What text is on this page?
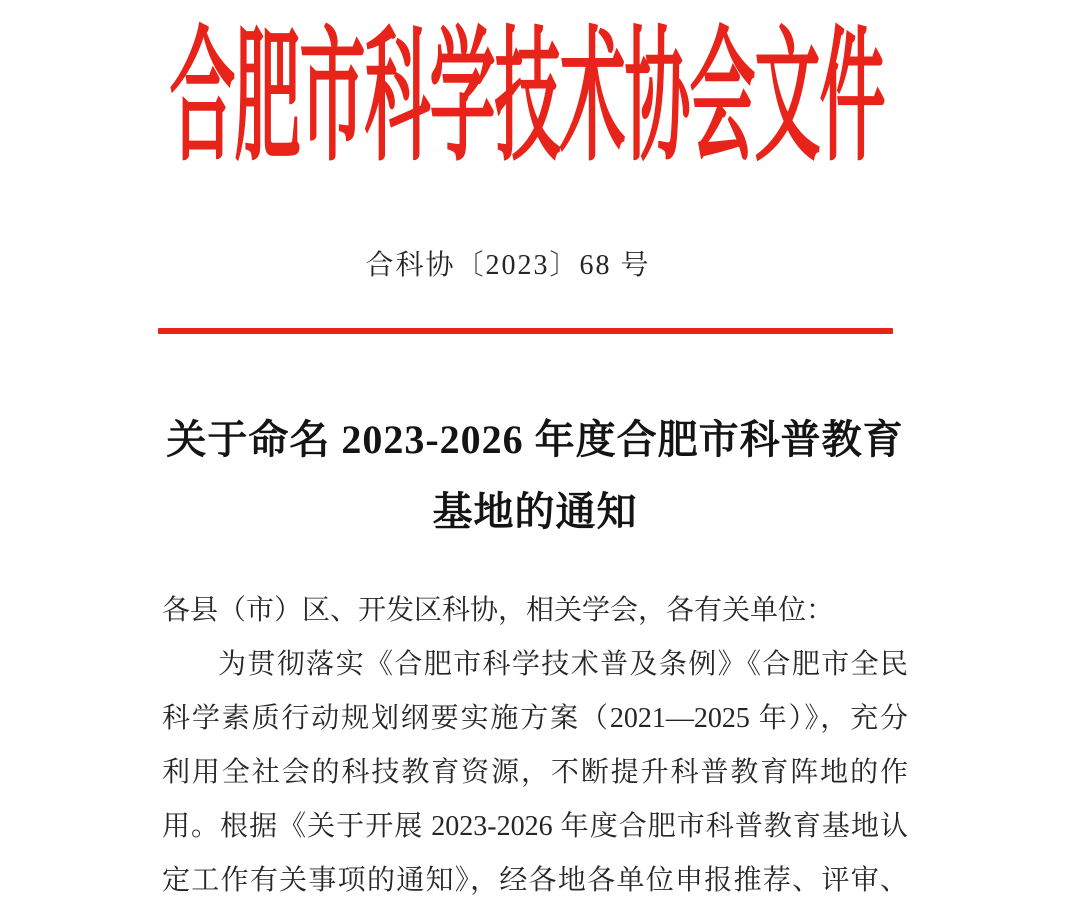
合肥市科学技术协会文件
合科协〔2023〕68 号
关于命名 2023-2026 年度合肥市科普教育
基地的通知
各县（市）区、开发区科协，相关学会，各有关单位：
为贯彻落实《合肥市科学技术普及条例》《合肥市全民
科学素质行动规划纲要实施方案（2021—2025 年）》，充分
利用全社会的科技教育资源，不断提升科普教育阵地的作
用。根据《关于开展 2023-2026 年度合肥市科普教育基地认
定工作有关事项的通知》，经各地各单位申报推荐、评审、
